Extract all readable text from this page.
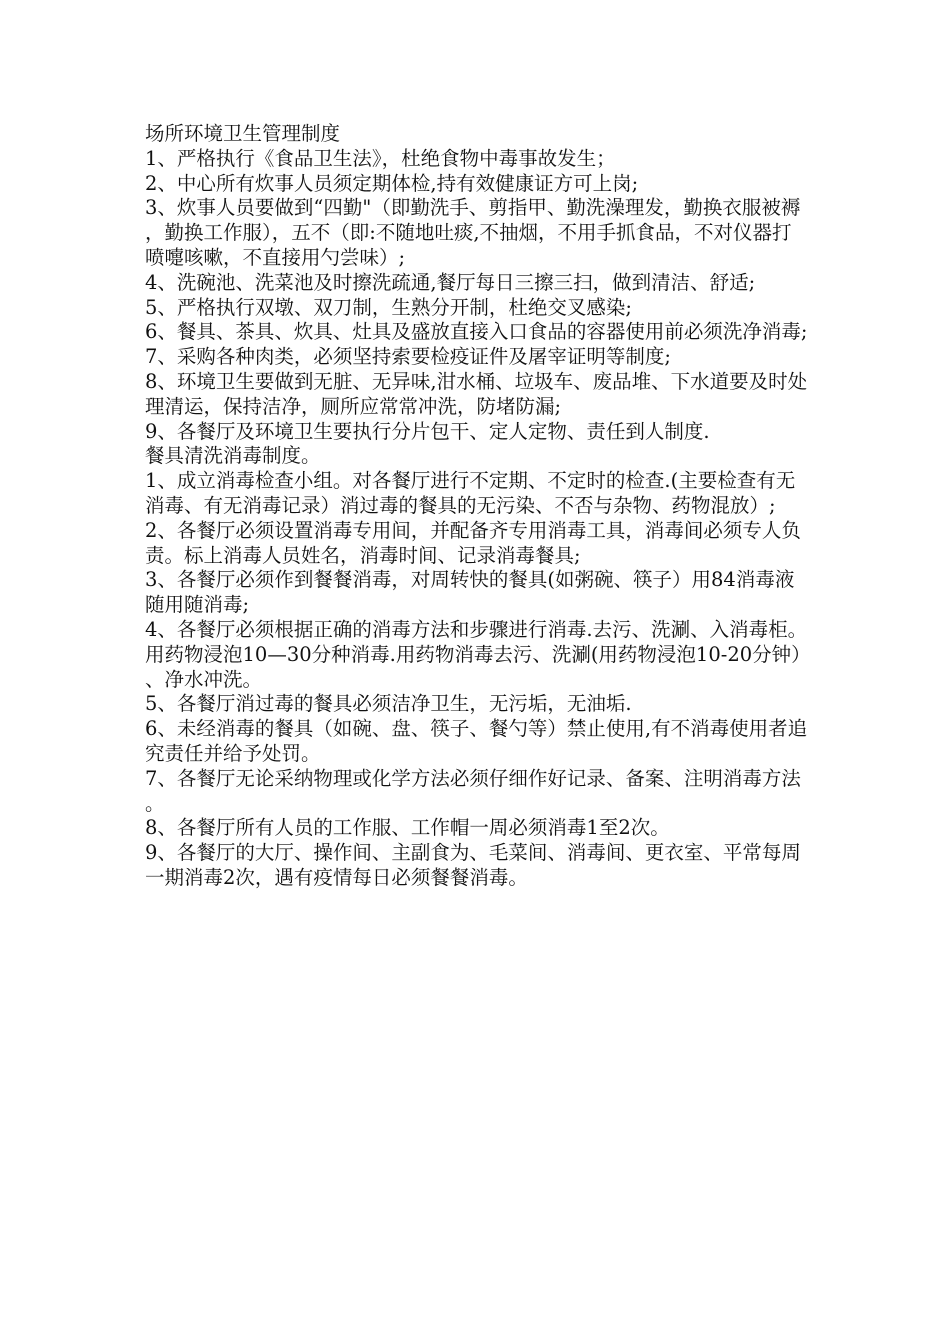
场所环境卫生管理制度

1、严格执行《食品卫生法》，杜绝食物中毒事故发生；

2、中心所有炊事人员须定期体检,持有效健康证方可上岗;

3、炊事人员要做到“四勤"（即勤洗手、剪指甲、勤洗澡理发，勤换衣服被褥，勤换工作服），五不（即:不随地吐痰,不抽烟，不用手抓食品，不对仪器打喷嚏咳嗽，不直接用勺尝味）;

4、洗碗池、洗菜池及时擦洗疏通,餐厅每日三擦三扫，做到清洁、舒适;

5、严格执行双墩、双刀制，生熟分开制，杜绝交叉感染;

6、餐具、茶具、炊具、灶具及盛放直接入口食品的容器使用前必须洗净消毒;

7、采购各种肉类，必须坚持索要检疫证件及屠宰证明等制度;

8、环境卫生要做到无脏、无异味,泔水桶、垃圾车、废品堆、下水道要及时处理清运，保持洁净，厕所应常常冲洗，防堵防漏;

9、各餐厅及环境卫生要执行分片包干、定人定物、责任到人制度.

餐具清洗消毒制度。

1、成立消毒检查小组。对各餐厅进行不定期、不定时的检查.(主要检查有无消毒、有无消毒记录）消过毒的餐具的无污染、不否与杂物、药物混放）;

2、各餐厅必须设置消毒专用间，并配备齐专用消毒工具，消毒间必须专人负责。标上消毒人员姓名，消毒时间、记录消毒餐具;

3、各餐厅必须作到餐餐消毒，对周转快的餐具(如粥碗、筷子）用84消毒液随用随消毒;

4、各餐厅必须根据正确的消毒方法和步骤进行消毒.去污、洗涮、入消毒柜。用药物浸泡10—30分种消毒.用药物消毒去污、洗涮(用药物浸泡10-20分钟）、净水冲洗。

5、各餐厅消过毒的餐具必须洁净卫生，无污垢，无油垢.

6、未经消毒的餐具（如碗、盘、筷子、餐勺等）禁止使用,有不消毒使用者追究责任并给予处罚。

7、各餐厅无论采纳物理或化学方法必须仔细作好记录、备案、注明消毒方法。

8、各餐厅所有人员的工作服、工作帽一周必须消毒1至2次。

9、各餐厅的大厅、操作间、主副食为、毛菜间、消毒间、更衣室、平常每周一期消毒2次，遇有疫情每日必须餐餐消毒。
